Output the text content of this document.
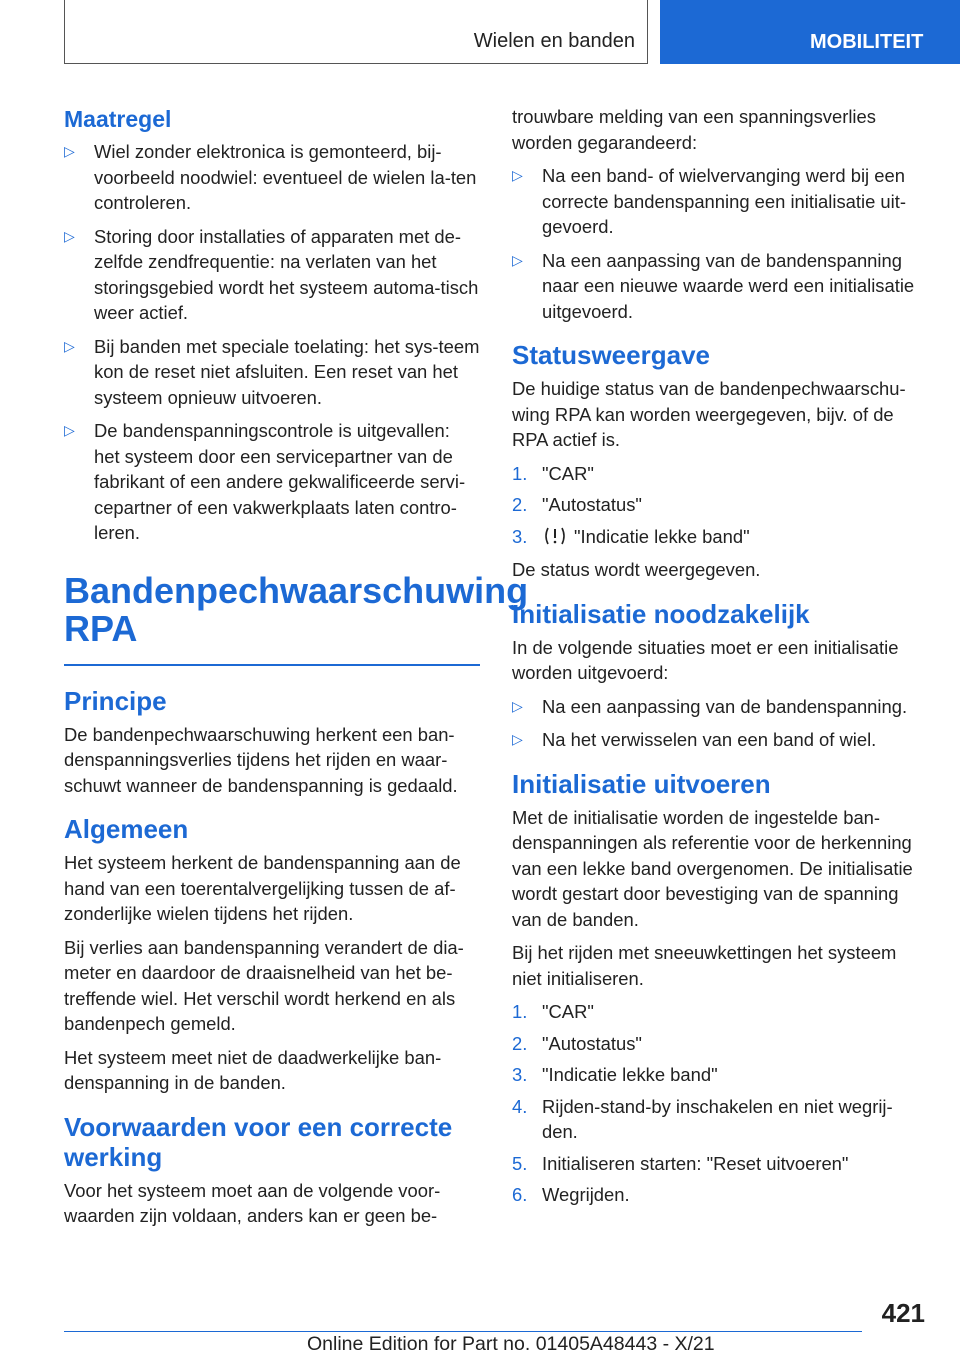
Wielen en banden	MOBILITEIT
Maatregel
▷ Wiel zonder elektronica is gemonteerd, bij-voorbeeld noodwiel: eventueel de wielen la-ten controleren.
▷ Storing door installaties of apparaten met de-zelfde zendfrequentie: na verlaten van het storingsgebied wordt het systeem automa-tisch weer actief.
▷ Bij banden met speciale toelating: het sys-teem kon de reset niet afsluiten. Een reset van het systeem opnieuw uitvoeren.
▷ De bandenspanningscontrole is uitgevallen: het systeem door een servicepartner van de fabrikant of een andere gekwalificeerde servi-cepartner of een vakwerkplaats laten contro-leren.
Bandenpechwaarschuwing RPA
Principe

De bandenpechwaarschuwing herkent een ban-denspanningsverlies tijdens het rijden en waar-schuwt wanneer de bandenspanning is gedaald.

Algemeen

Het systeem herkent de bandenspanning aan de hand van een toerentalvergelijking tussen de af-zonderlijke wielen tijdens het rijden.

Bij verlies aan bandenspanning verandert de dia-meter en daardoor de draaisnelheid van het be-treffende wiel. Het verschil wordt herkend en als bandenpech gemeld.

Het systeem meet niet de daadwerkelijke ban-denspanning in de banden.

Voorwaarden voor een correcte werking

Voor het systeem moet aan de volgende voor-waarden zijn voldaan, anders kan er geen be-

trouwbare melding van een spanningsverlies worden gegarandeerd:

▷ Na een band- of wielvervanging werd bij een correcte bandenspanning een initialisatie uit-gevoerd.
▷ Na een aanpassing van de bandenspanning naar een nieuwe waarde werd een initialisatie uitgevoerd.
Statusweergave

De huidige status van de bandenpechwaarschu-wing RPA kan worden weergegeven, bijv. of de RPA actief is.

1. "CAR"
2. "Autostatus"
3.	"Indicatie lekke band"

De status wordt weergegeven.

Initialisatie noodzakelijk

In de volgende situaties moet er een initialisatie worden uitgevoerd:

▷ Na een aanpassing van de bandenspanning.
▷ Na het verwisselen van een band of wiel.
Initialisatie uitvoeren

Met de initialisatie worden de ingestelde ban-denspanningen als referentie voor de herkenning van een lekke band overgenomen. De initialisatie wordt gestart door bevestiging van de spanning van de banden.

Bij het rijden met sneeuwkettingen het systeem niet initialiseren.

1. "CAR"
2. "Autostatus"
3. "Indicatie lekke band"
4. Rijden-stand-by inschakelen en niet wegrij-den.
5. Initialiseren starten: "Reset uitvoeren"
6. Wegrijden.
421
Online Edition for Part no. 01405A48443 - X/21
